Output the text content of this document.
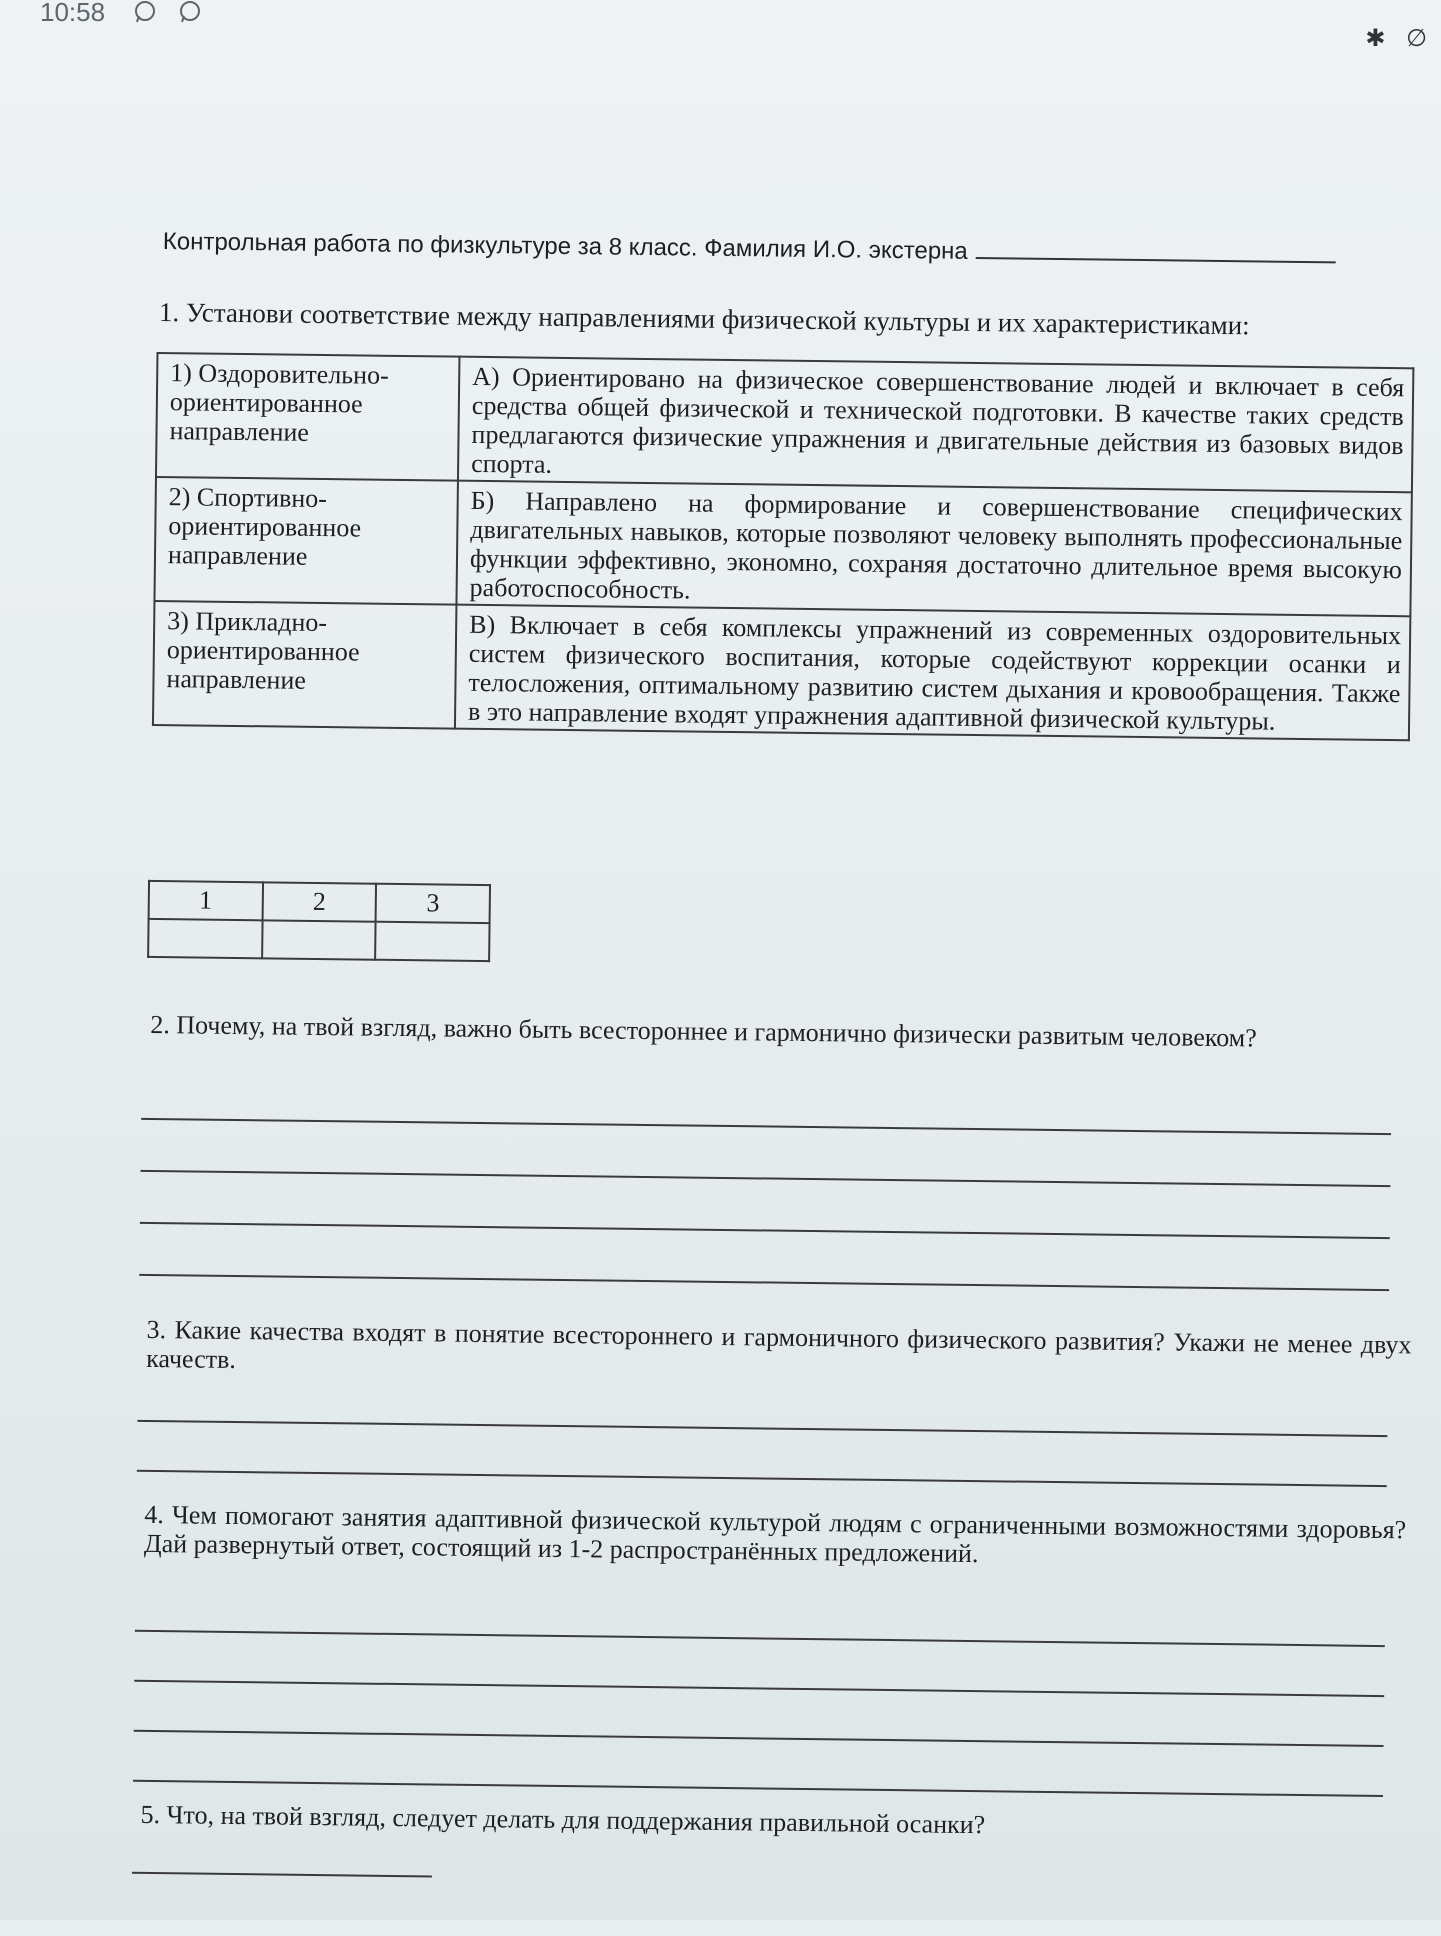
10:58
✱ ∅
Контрольная работа по физкультуре за 8 класс. Фамилия И.О. экстерна
1. Установи соответствие между направлениями физической культуры и их характеристиками:
1) Оздоровительно-ориентированное направление	А) Ориентировано на физическое совершенствование людей и включает в себя средства общей физической и технической подготовки. В качестве таких средств предлагаются физические упражнения и двигательные действия из базовых видов спорта.
2) Спортивно-ориентированное направление	Б) Направлено на формирование и совершенствование специфических двигательных навыков, которые позволяют человеку выполнять профессиональные функции эффективно, экономно, сохраняя достаточно длительное время высокую работоспособность.
3) Прикладно-ориентированное направление	В) Включает в себя комплексы упражнений из современных оздоровительных систем физического воспитания, которые содействуют коррекции осанки и телосложения, оптимальному развитию систем дыхания и кровообращения. Также в это направление входят упражнения адаптивной физической культуры.
1	2	3

2. Почему, на твой взгляд, важно быть всестороннее и гармонично физически развитым человеком?
3. Какие качества входят в понятие всестороннего и гармоничного физического развития? Укажи не менее двух качеств.
4. Чем помогают занятия адаптивной физической культурой людям с ограниченными возможностями здоровья? Дай развернутый ответ, состоящий из 1-2 распространённых предложений.
5. Что, на твой взгляд, следует делать для поддержания правильной осанки?
